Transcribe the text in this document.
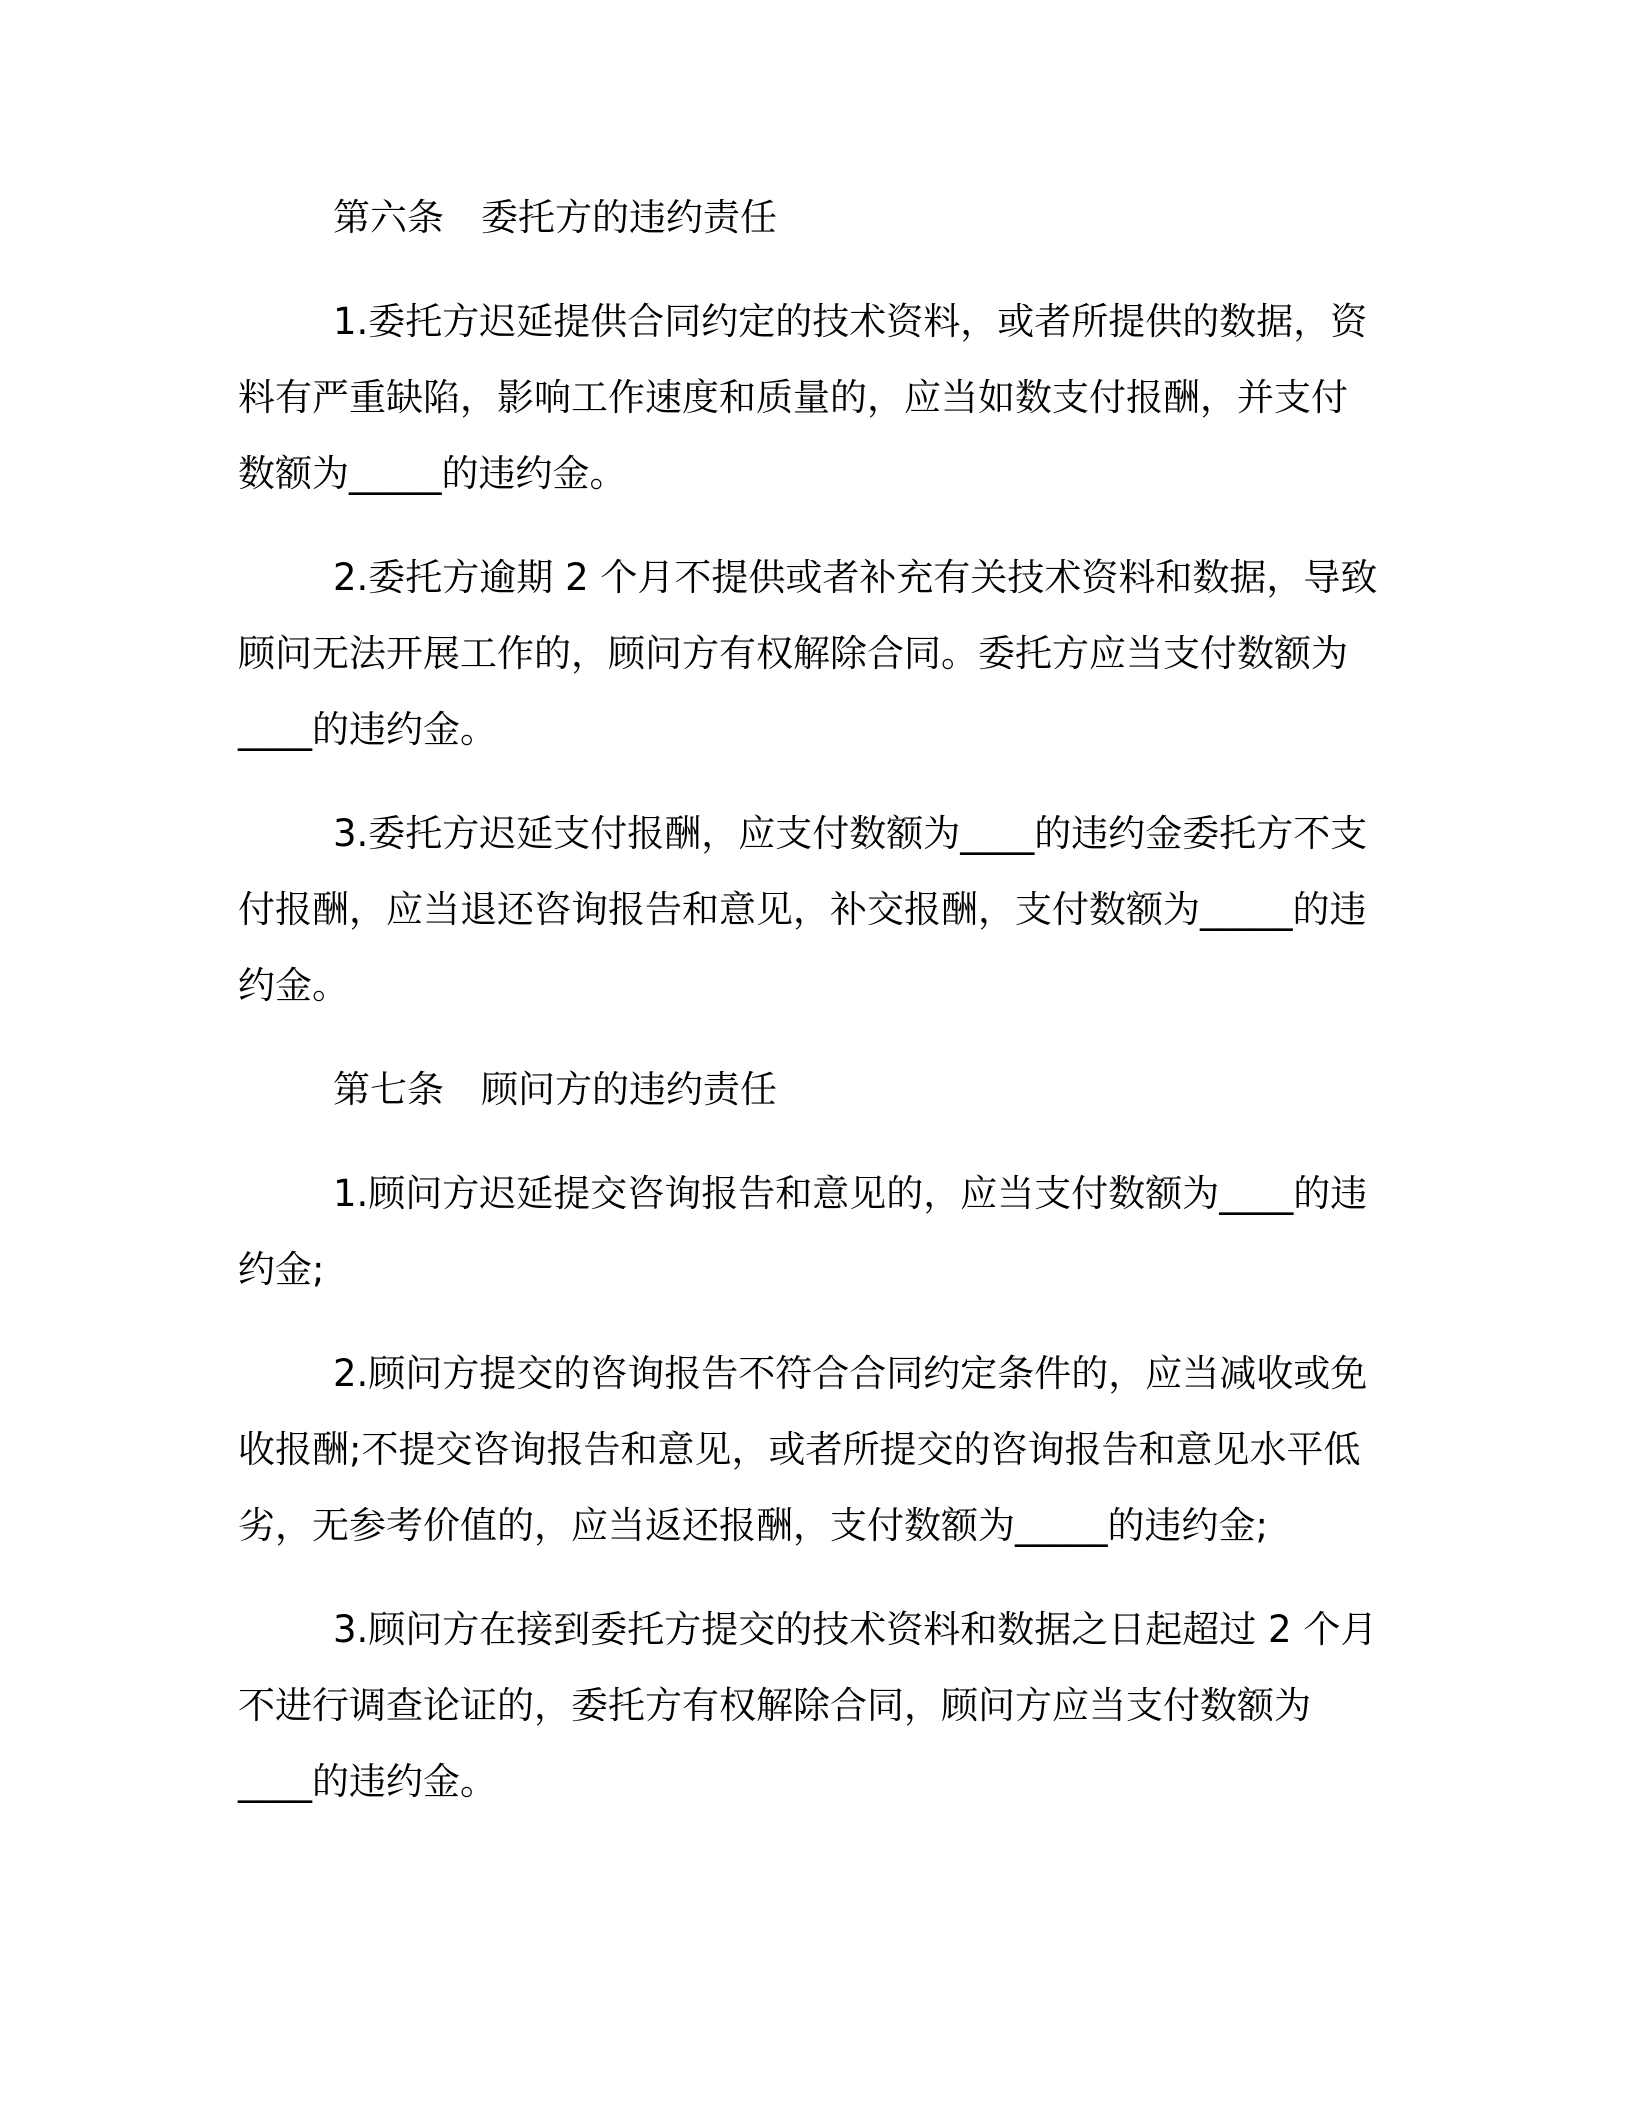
第六条　委托方的违约责任
1.委托方迟延提供合同约定的技术资料，或者所提供的数据，资
料有严重缺陷，影响工作速度和质量的，应当如数支付报酬，并支付
数额为_____的违约金。
2.委托方逾期 2 个月不提供或者补充有关技术资料和数据，导致
顾问无法开展工作的，顾问方有权解除合同。委托方应当支付数额为
____的违约金。
3.委托方迟延支付报酬，应支付数额为____的违约金委托方不支
付报酬，应当退还咨询报告和意见，补交报酬，支付数额为_____的违
约金。
第七条　顾问方的违约责任
1.顾问方迟延提交咨询报告和意见的，应当支付数额为____的违
约金;
2.顾问方提交的咨询报告不符合合同约定条件的，应当减收或免
收报酬;不提交咨询报告和意见，或者所提交的咨询报告和意见水平低
劣，无参考价值的，应当返还报酬，支付数额为_____的违约金;
3.顾问方在接到委托方提交的技术资料和数据之日起超过 2 个月
不进行调查论证的，委托方有权解除合同，顾问方应当支付数额为
____的违约金。
